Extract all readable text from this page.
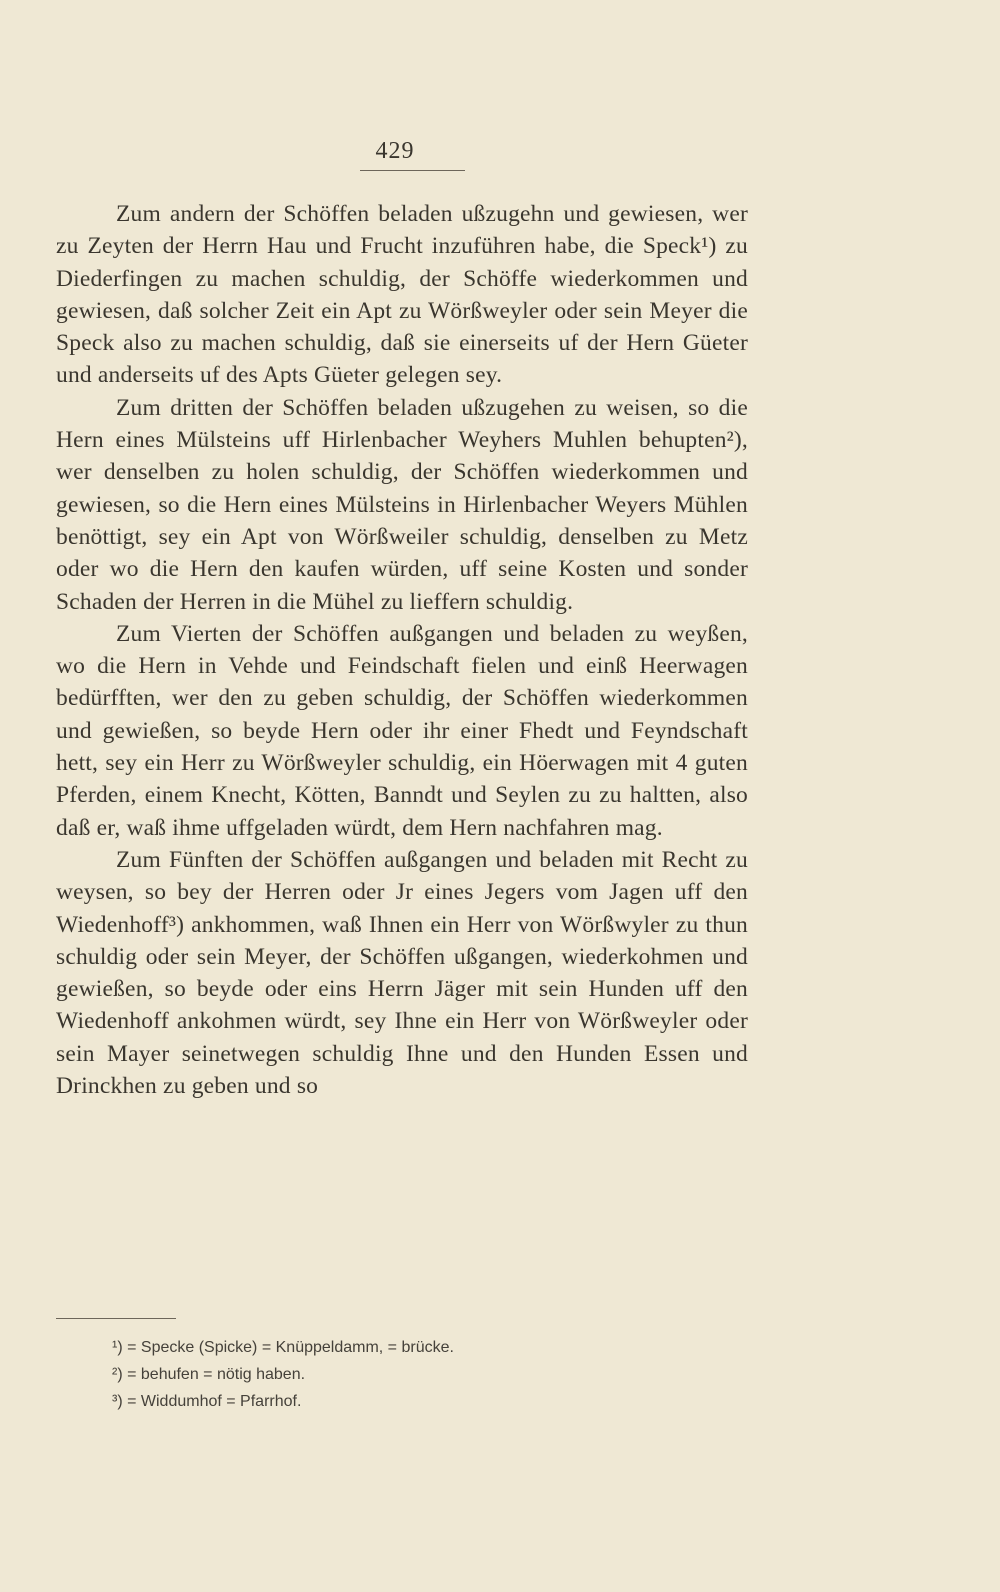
429

Zum andern der Schöffen beladen ußzugehn und gewiesen, wer zu Zeyten der Herrn Hau und Frucht inzuführen habe, die Speck¹) zu Diederfingen zu machen schuldig, der Schöffe wiederkommen und gewiesen, daß solcher Zeit ein Apt zu Wörßweyler oder sein Meyer die Speck also zu machen schuldig, daß sie einerseits uf der Hern Güeter und anderseits uf des Apts Güeter gelegen sey.

Zum dritten der Schöffen beladen ußzugehen zu weisen, so die Hern eines Mülsteins uff Hirlenbacher Weyhers Muhlen behupten²), wer denselben zu holen schuldig, der Schöffen wiederkommen und gewiesen, so die Hern eines Mülsteins in Hirlenbacher Weyers Mühlen benöttigt, sey ein Apt von Wörßweiler schuldig, denselben zu Metz oder wo die Hern den kaufen würden, uff seine Kosten und sonder Schaden der Herren in die Mühel zu lieffern schuldig.

Zum Vierten der Schöffen außgangen und beladen zu weyßen, wo die Hern in Vehde und Feindschaft fielen und einß Heerwagen bedürfften, wer den zu geben schuldig, der Schöffen wiederkommen und gewießen, so beyde Hern oder ihr einer Fhedt und Feyndschaft hett, sey ein Herr zu Wörßweyler schuldig, ein Höerwagen mit 4 guten Pferden, einem Knecht, Kötten, Banndt und Seylen zu zu haltten, also daß er, waß ihme uffgeladen würdt, dem Hern nachfahren mag.

Zum Fünften der Schöffen außgangen und beladen mit Recht zu weysen, so bey der Herren oder Jr eines Jegers vom Jagen uff den Wiedenhoff³) ankhommen, waß Ihnen ein Herr von Wörßwyler zu thun schuldig oder sein Meyer, der Schöffen ußgangen, wiederkohmen und gewießen, so beyde oder eins Herrn Jäger mit sein Hunden uff den Wiedenhoff ankohmen würdt, sey Ihne ein Herr von Wörßweyler oder sein Mayer seinetwegen schuldig Ihne und den Hunden Essen und Drinckhen zu geben und so

¹) = Specke (Spicke) = Knüppeldamm, = brücke.
²) = behufen = nötig haben.
³) = Widdumhof = Pfarrhof.
